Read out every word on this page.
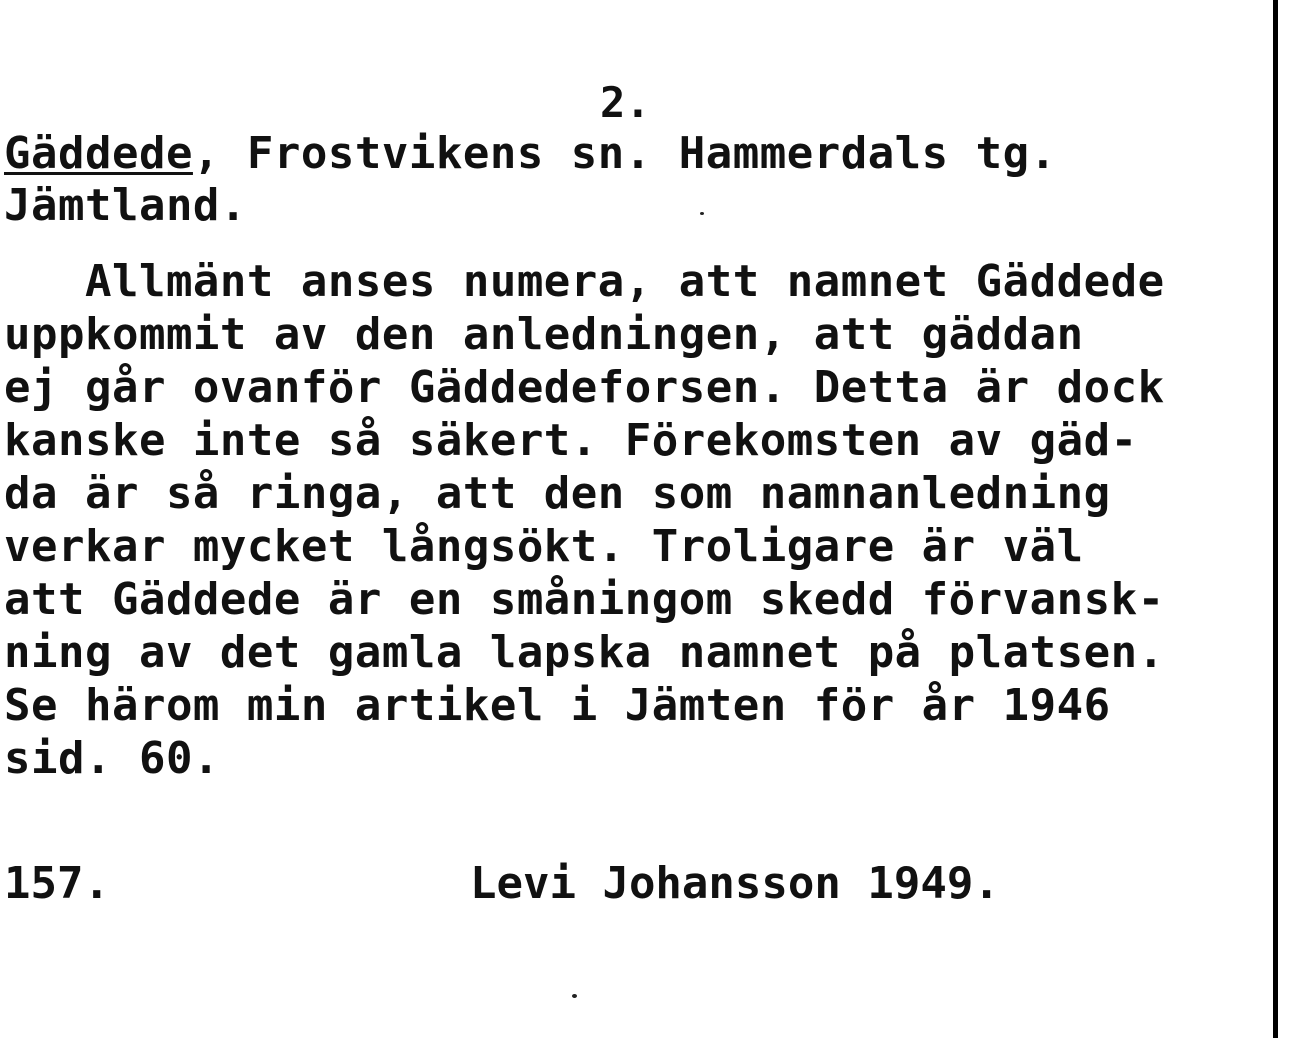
2.
Gäddede, Frostvikens sn. Hammerdals tg.
Jämtland.
Allmänt anses numera, att namnet Gäddede
uppkommit av den anledningen, att gäddan
ej går ovanför Gäddedeforsen. Detta är dock
kanske inte så säkert. Förekomsten av gäd-
da är så ringa, att den som namnanledning
verkar mycket långsökt. Troligare är väl
att Gäddede är en småningom skedd förvansk-
ning av det gamla lapska namnet på platsen.
Se härom min artikel i Jämten för år 1946
sid. 60.
157.	Levi Johansson 1949.
